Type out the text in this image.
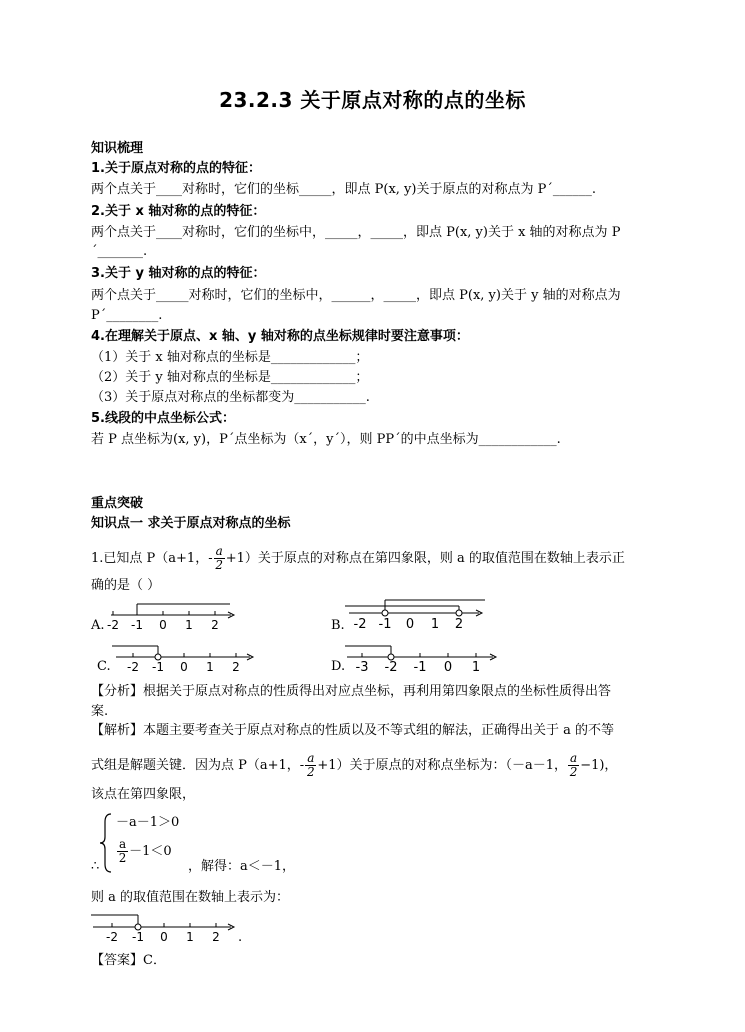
23.2.3 关于原点对称的点的坐标
知识梳理
1.关于原点对称的点的特征：
两个点关于____对称时，它们的坐标_____，即点 P(x, y)关于原点的对称点为 P´______.
2.关于 x 轴对称的点的特征：
两个点关于____对称时，它们的坐标中，_____，_____，即点 P(x, y)关于 x 轴的对称点为 P
´_______.
3.关于 y 轴对称的点的特征：
两个点关于_____对称时，它们的坐标中，______，_____，即点 P(x, y)关于 y 轴的对称点为
P´________.
4.在理解关于原点、x 轴、y 轴对称的点坐标规律时要注意事项：
（1）关于 x 轴对称点的坐标是_____________；
（2）关于 y 轴对称点的坐标是_____________；
（3）关于原点对称点的坐标都变为___________.
5.线段的中点坐标公式：
若 P 点坐标为(x, y)，P´点坐标为（x´，y´），则 PP´的中点坐标为____________.
重点突破
知识点一 求关于原点对称点的坐标
1.已知点 P（a+1，- $\frac{a}{2} +1$）关于原点的对称点在第四象限，则 a 的取值范围在数轴上表示正
确的是（ ）
A. -2 -1 0 1 2	B. -2 -1 0 1 2
C. -2 -1 0 1 2	D. -3 -2 -1 0 1
【分析】根据关于原点对称点的性质得出对应点坐标，再利用第四象限点的坐标性质得出答
案.
【解析】本题主要考查关于原点对称点的性质以及不等式组的解法，正确得出关于 a 的不等
式组是解题关键．因为点 P（a+1，- $\frac{a}{2} +1$）关于原点的对称点坐标为：（－a－1， $\frac{a}{2} -1$)，
该点在第四象限，
－a－1＞0
$\frac{a}{2} -1<0$
∴	，解得：a＜－1，
则 a 的取值范围在数轴上表示为：
-2 -1 0 1 2 .
【答案】C．
